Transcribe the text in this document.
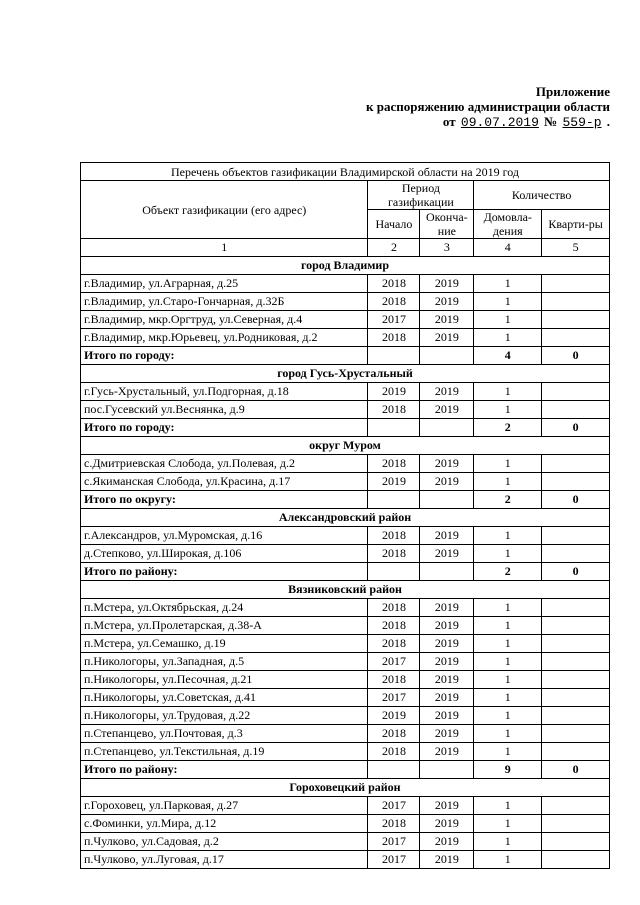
Приложение
к распоряжению администрации области
от 09.07.2019 № 559-р .
Перечень объектов газификации Владимирской области на 2019 год				
Объект газификации (его адрес)	Период газификации		Количество	
	Начало	Оконча-ние	Домовла-дения	Кварти-ры
1	2	3	4	5
город Владимир				
г.Владимир, ул.Аграрная, д.25	2018	2019	1	
г.Владимир, ул.Старо-Гончарная, д.32Б	2018	2019	1	
г.Владимир, мкр.Оргтруд, ул.Северная, д.4	2017	2019	1	
г.Владимир, мкр.Юрьевец, ул.Родниковая, д.2	2018	2019	1	
Итого по городу:			4	0
город Гусь-Хрустальный				
г.Гусь-Хрустальный, ул.Подгорная, д.18	2019	2019	1	
пос.Гусевский ул.Веснянка, д.9	2018	2019	1	
Итого по городу:			2	0
округ Муром				
с.Дмитриевская Слобода, ул.Полевая, д.2	2018	2019	1	
с.Якиманская Слобода, ул.Красина, д.17	2019	2019	1	
Итого по округу:			2	0
Александровский район				
г.Александров, ул.Муромская, д.16	2018	2019	1	
д.Степково, ул.Широкая, д.106	2018	2019	1	
Итого по району:			2	0
Вязниковский район				
п.Мстера, ул.Октябрьская, д.24	2018	2019	1	
п.Мстера, ул.Пролетарская, д.38-А	2018	2019	1	
п.Мстера, ул.Семашко, д.19	2018	2019	1	
п.Никологоры, ул.Западная, д.5	2017	2019	1	
п.Никологоры, ул.Песочная, д.21	2018	2019	1	
п.Никологоры, ул.Советская, д.41	2017	2019	1	
п.Никологоры, ул.Трудовая, д.22	2019	2019	1	
п.Степанцево, ул.Почтовая, д.3	2018	2019	1	
п.Степанцево, ул.Текстильная, д.19	2018	2019	1	
Итого по району:			9	0
Гороховецкий район				
г.Гороховец, ул.Парковая, д.27	2017	2019	1	
с.Фоминки, ул.Мира, д.12	2018	2019	1	
п.Чулково, ул.Садовая, д.2	2017	2019	1	
п.Чулково, ул.Луговая, д.17	2017	2019	1	
